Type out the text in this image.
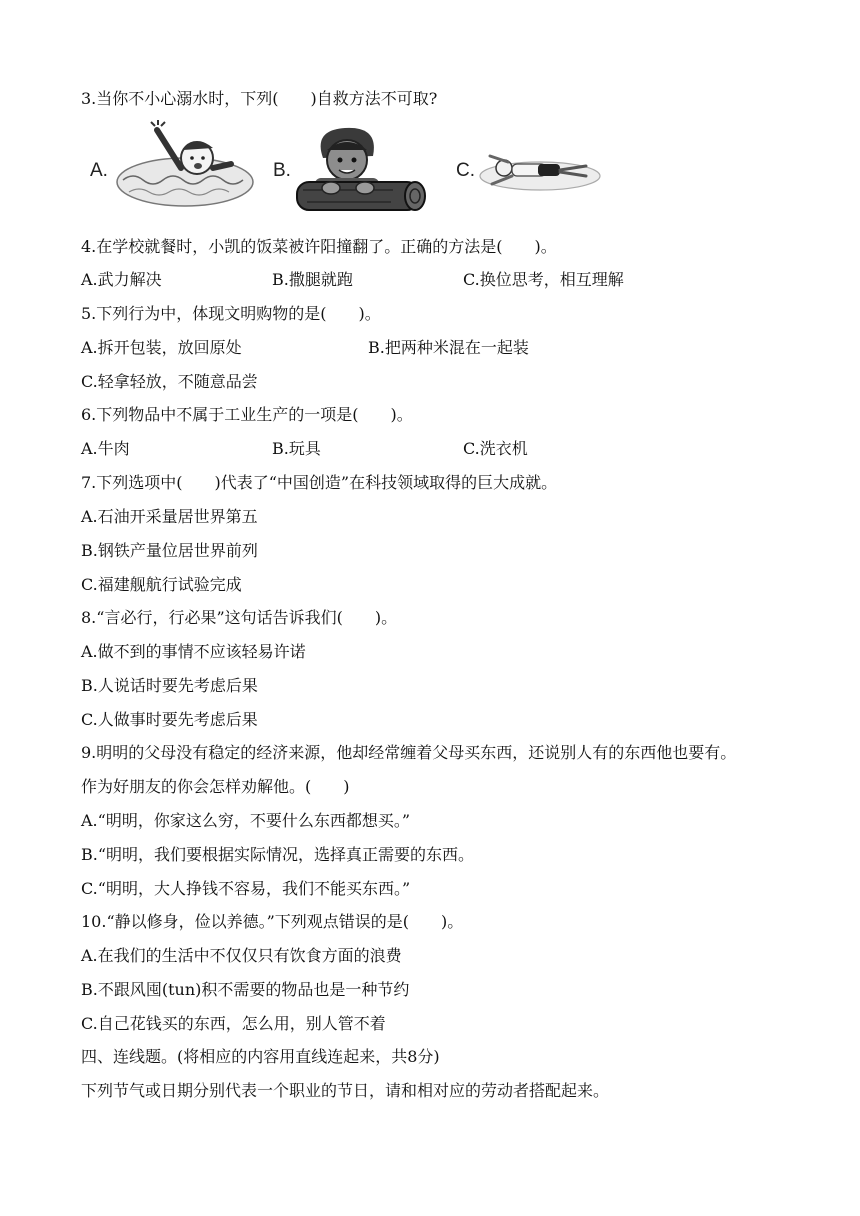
3.当你不小心溺水时，下列(　　)自救方法不可取?
A.	B.	C.
4.在学校就餐时，小凯的饭菜被许阳撞翻了。正确的方法是(　　)。
A.武力解决	B.撒腿就跑	C.换位思考，相互理解
5.下列行为中，体现文明购物的是(　　)。
A.拆开包装，放回原处	B.把两种米混在一起装
C.轻拿轻放，不随意品尝
6.下列物品中不属于工业生产的一项是(　　)。
A.牛肉	B.玩具	C.洗衣机
7.下列选项中(　　)代表了“中国创造”在科技领域取得的巨大成就。
A.石油开采量居世界第五
B.钢铁产量位居世界前列
C.福建舰航行试验完成
8.“言必行，行必果”这句话告诉我们(　　)。
A.做不到的事情不应该轻易许诺
B.人说话时要先考虑后果
C.人做事时要先考虑后果
9.明明的父母没有稳定的经济来源，他却经常缠着父母买东西，还说别人有的东西他也要有。
作为好朋友的你会怎样劝解他。(　　)
A.“明明，你家这么穷，不要什么东西都想买。”
B.“明明，我们要根据实际情况，选择真正需要的东西。
C.“明明，大人挣钱不容易，我们不能买东西。”
10.“静以修身，俭以养德。”下列观点错误的是(　　)。
A.在我们的生活中不仅仅只有饮食方面的浪费
B.不跟风囤(tun)积不需要的物品也是一种节约
C.自己花钱买的东西，怎么用，别人管不着
四、连线题。(将相应的内容用直线连起来，共8分)
下列节气或日期分别代表一个职业的节日，请和相对应的劳动者搭配起来。
